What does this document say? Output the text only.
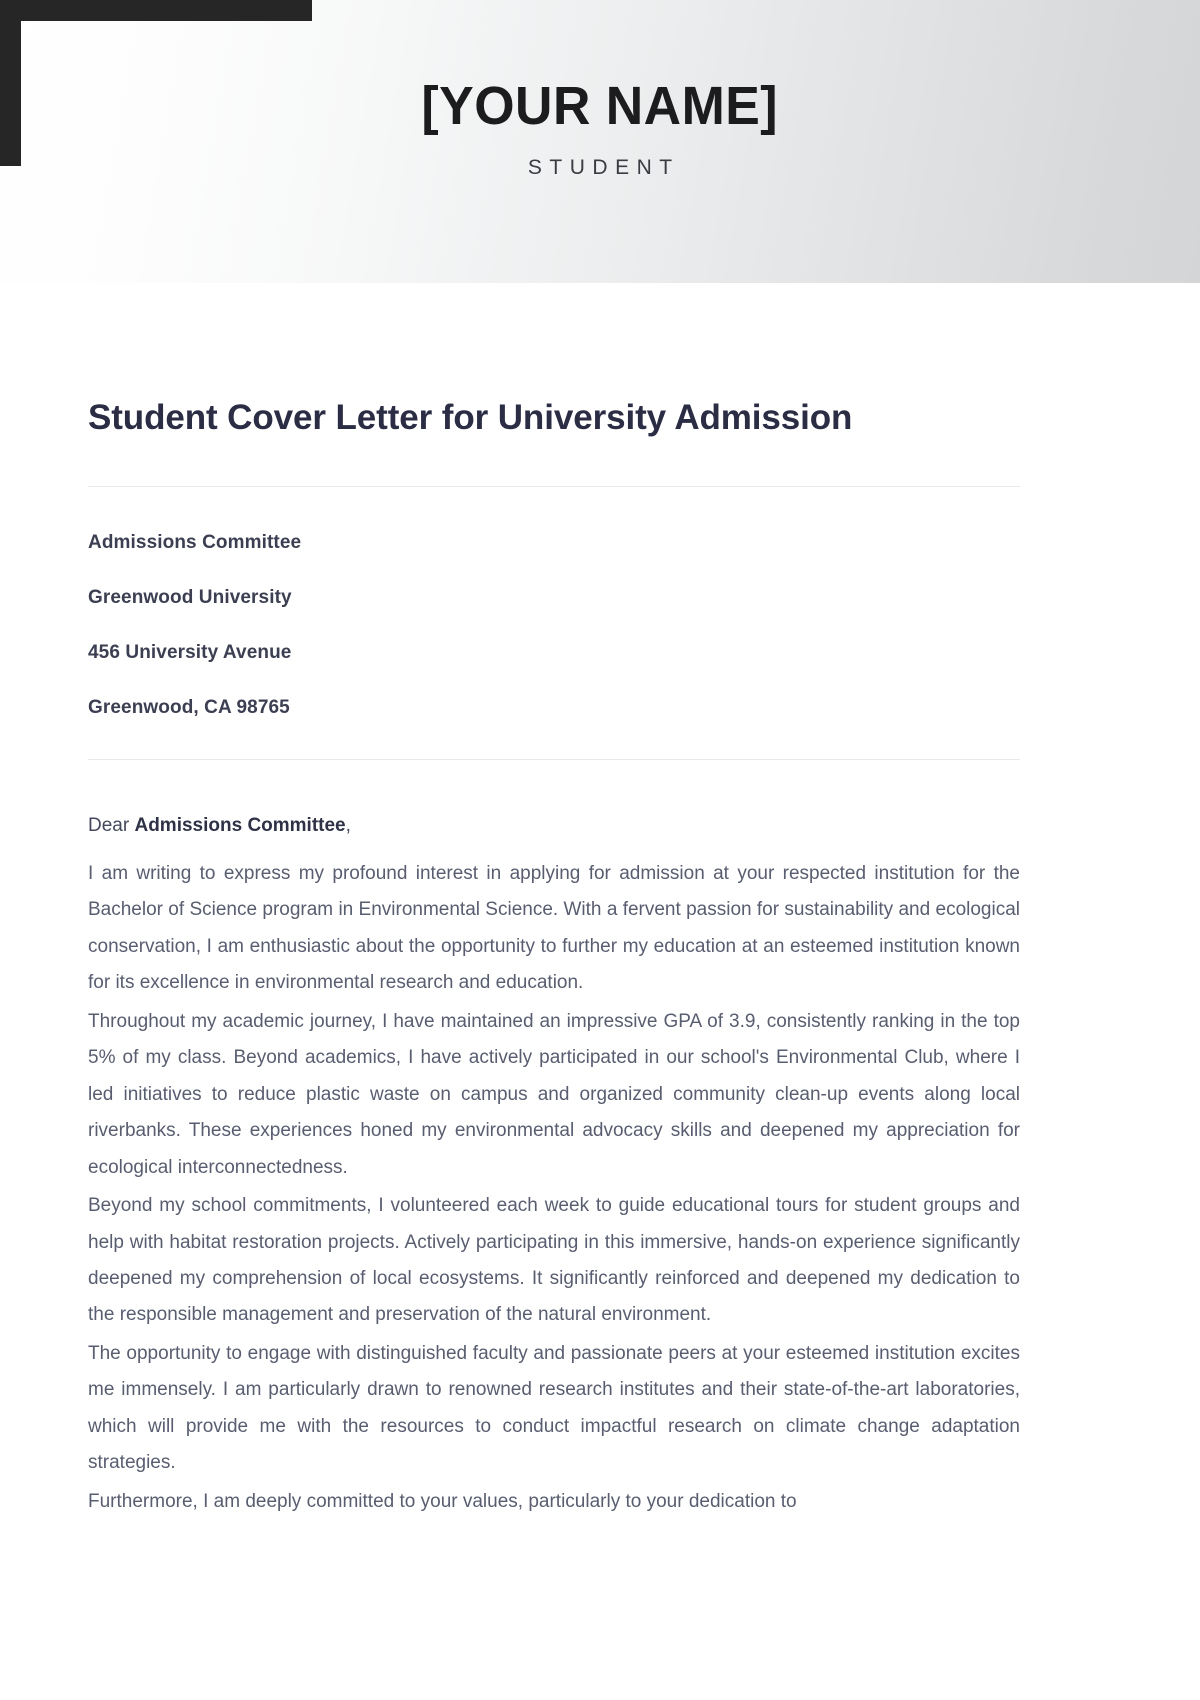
[YOUR NAME]
STUDENT
Student Cover Letter for University Admission

Admissions Committee

Greenwood University

456 University Avenue

Greenwood, CA 98765

Dear Admissions Committee,

I am writing to express my profound interest in applying for admission at your respected institution for the Bachelor of Science program in Environmental Science. With a fervent passion for sustainability and ecological conservation, I am enthusiastic about the opportunity to further my education at an esteemed institution known for its excellence in environmental research and education.

Throughout my academic journey, I have maintained an impressive GPA of 3.9, consistently ranking in the top 5% of my class. Beyond academics, I have actively participated in our school's Environmental Club, where I led initiatives to reduce plastic waste on campus and organized community clean-up events along local riverbanks. These experiences honed my environmental advocacy skills and deepened my appreciation for ecological interconnectedness.

Beyond my school commitments, I volunteered each week to guide educational tours for student groups and help with habitat restoration projects. Actively participating in this immersive, hands-on experience significantly deepened my comprehension of local ecosystems. It significantly reinforced and deepened my dedication to the responsible management and preservation of the natural environment.

The opportunity to engage with distinguished faculty and passionate peers at your esteemed institution excites me immensely. I am particularly drawn to renowned research institutes and their state-of-the-art laboratories, which will provide me with the resources to conduct impactful research on climate change adaptation strategies.

Furthermore, I am deeply committed to your values, particularly to your dedication to
